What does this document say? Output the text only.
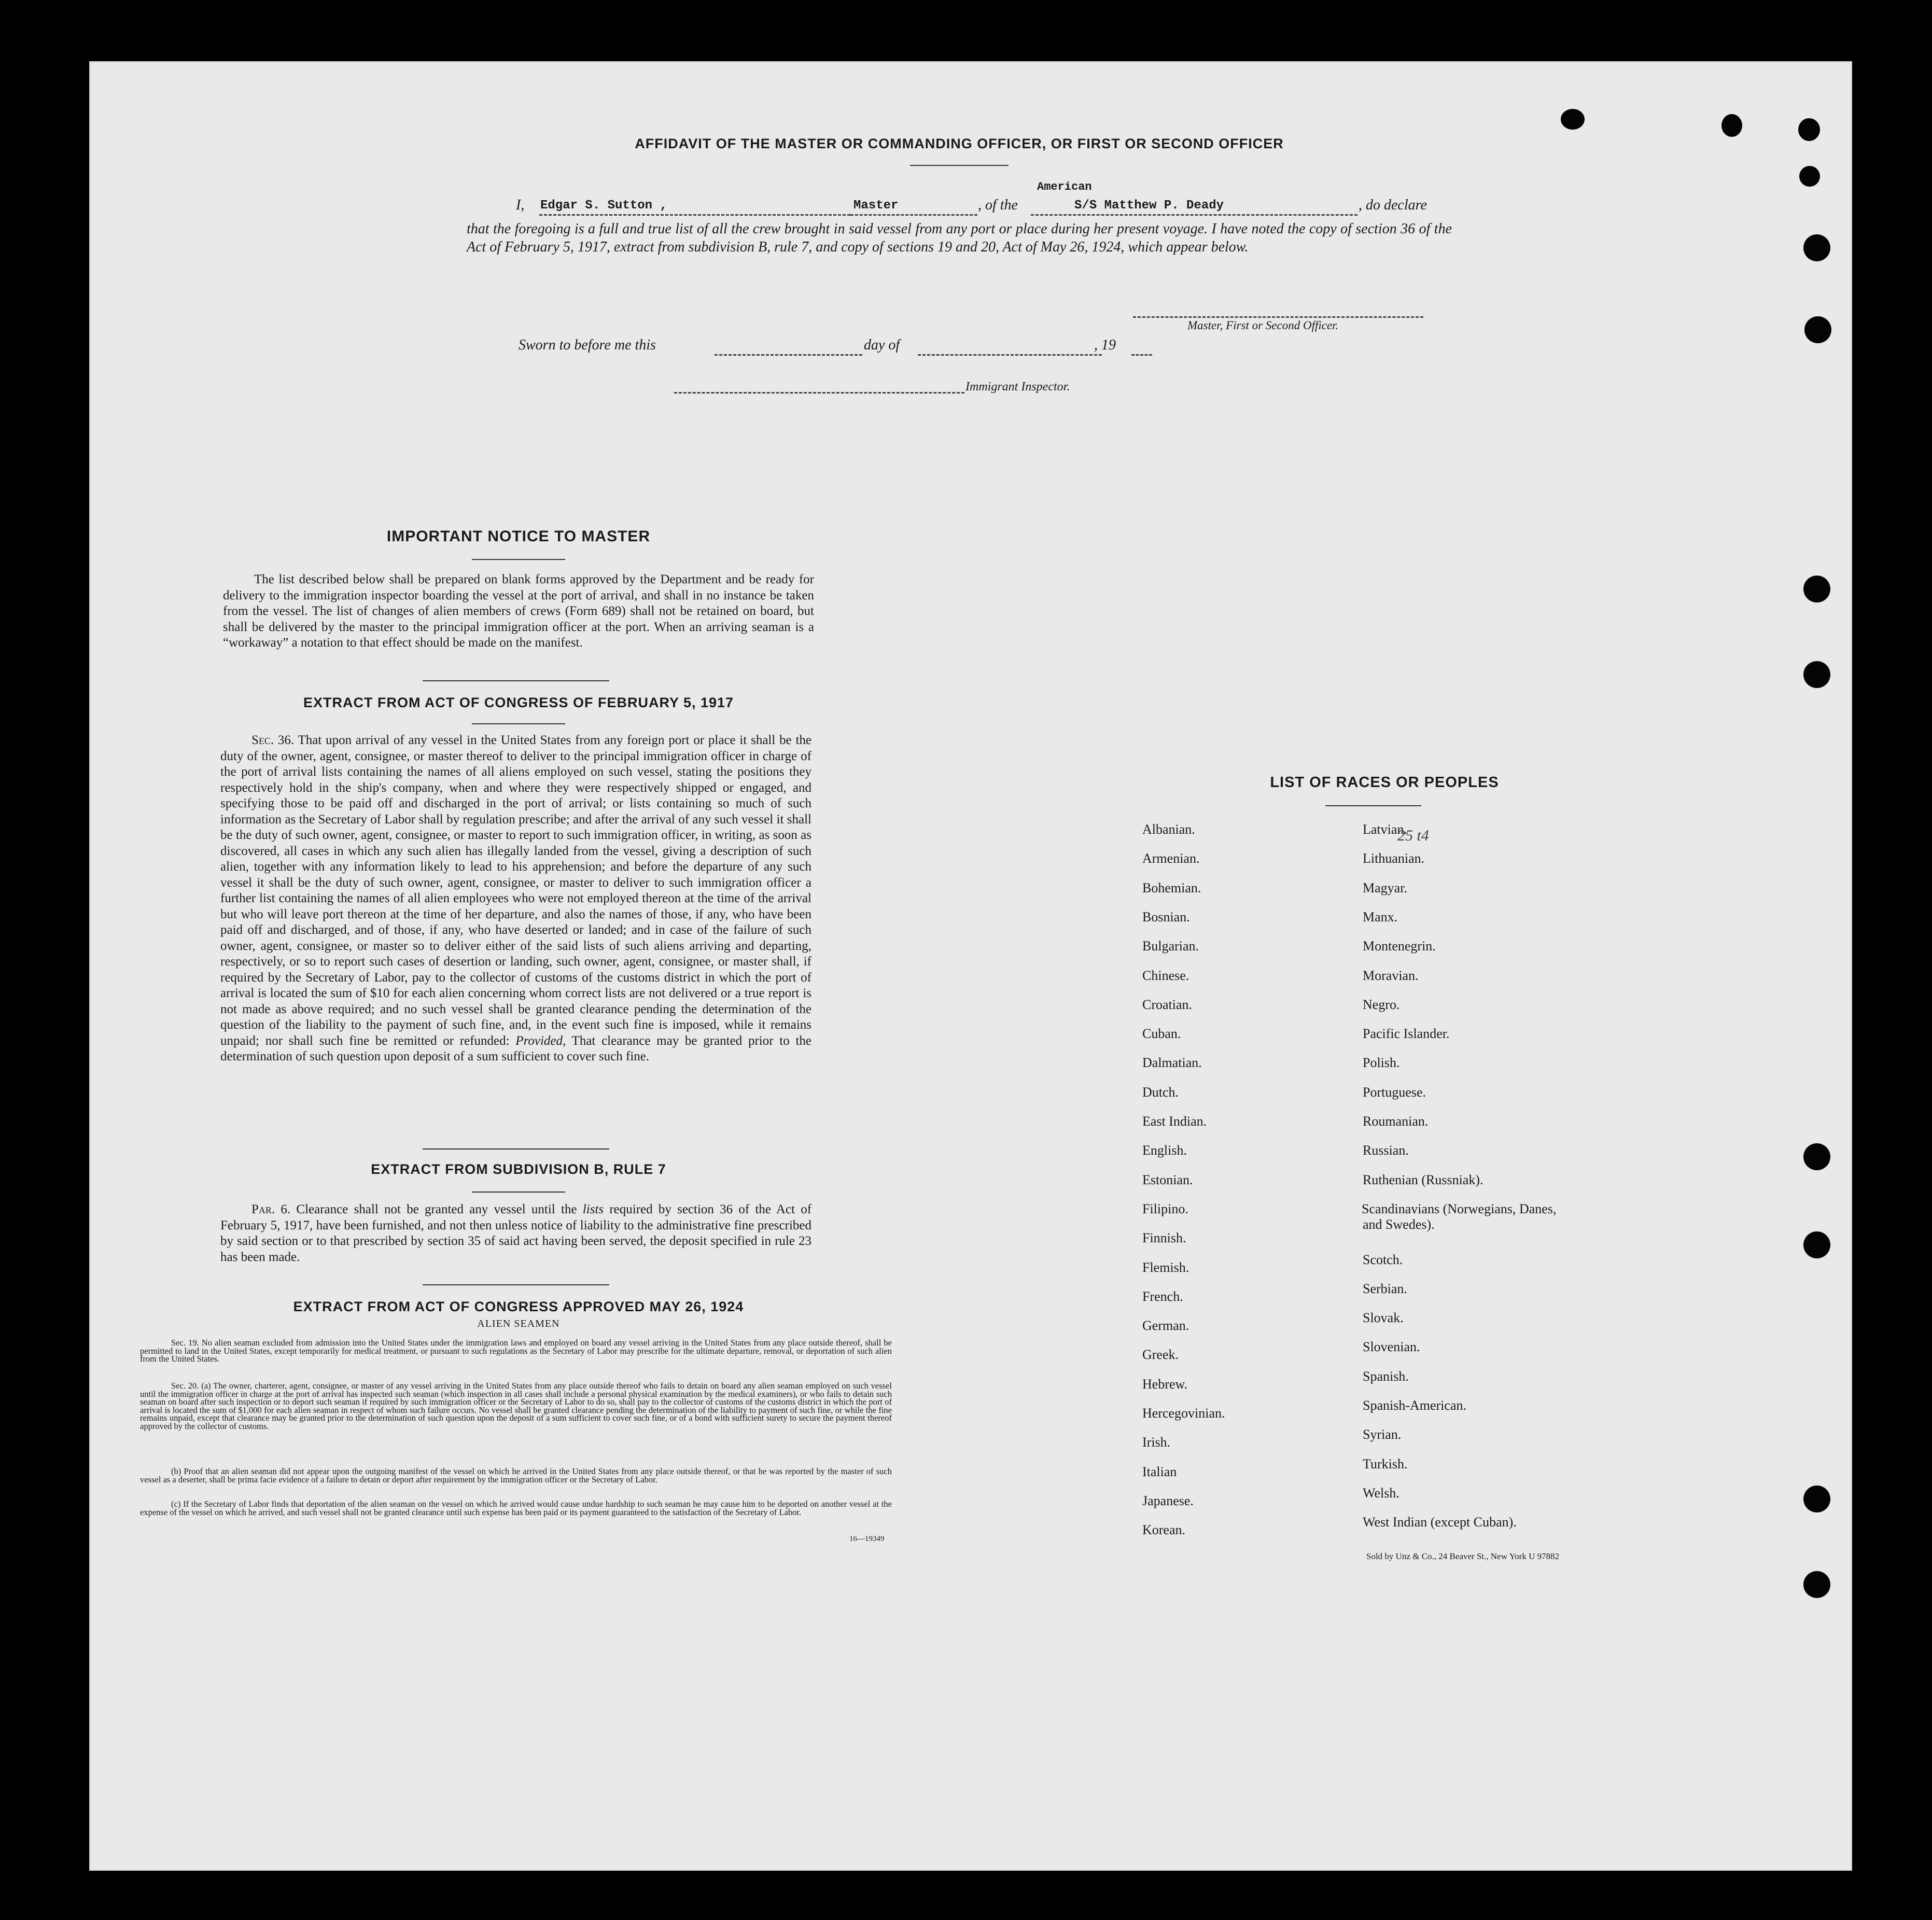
AFFIDAVIT OF THE MASTER OR COMMANDING OFFICER, OR FIRST OR SECOND OFFICER
I,	Edgar S. Sutton ,	Master	, of the
American
S/S Matthew P. Deady	, do declare
that the foregoing is a full and true list of all the crew brought in said vessel from any port or place during her present voyage. I have noted the copy of section 36 of the Act of February 5, 1917, extract from subdivision B, rule 7, and copy of sections 19 and 20, Act of May 26, 1924, which appear below.
Master, First or Second Officer.
Sworn to before me this	day of	, 19
Immigrant Inspector.
IMPORTANT NOTICE TO MASTER
The list described below shall be prepared on blank forms approved by the Department and be ready for delivery to the immigration inspector boarding the vessel at the port of arrival, and shall in no instance be taken from the vessel. The list of changes of alien members of crews (Form 689) shall not be retained on board, but shall be delivered by the master to the principal immigration officer at the port. When an arriving seaman is a “workaway” a notation to that effect should be made on the manifest.
EXTRACT FROM ACT OF CONGRESS OF FEBRUARY 5, 1917
Sec. 36. That upon arrival of any vessel in the United States from any foreign port or place it shall be the duty of the owner, agent, consignee, or master thereof to deliver to the principal immigration officer in charge of the port of arrival lists containing the names of all aliens employed on such vessel, stating the positions they respectively hold in the ship's company, when and where they were respectively shipped or engaged, and specifying those to be paid off and discharged in the port of arrival; or lists containing so much of such information as the Secretary of Labor shall by regulation prescribe; and after the arrival of any such vessel it shall be the duty of such owner, agent, consignee, or master to report to such immigration officer, in writing, as soon as discovered, all cases in which any such alien has illegally landed from the vessel, giving a description of such alien, together with any information likely to lead to his apprehension; and before the departure of any such vessel it shall be the duty of such owner, agent, consignee, or master to deliver to such immigration officer a further list containing the names of all alien employees who were not employed thereon at the time of the arrival but who will leave port thereon at the time of her departure, and also the names of those, if any, who have been paid off and discharged, and of those, if any, who have deserted or landed; and in case of the failure of such owner, agent, consignee, or master so to deliver either of the said lists of such aliens arriving and departing, respectively, or so to report such cases of desertion or landing, such owner, agent, consignee, or master shall, if required by the Secretary of Labor, pay to the collector of customs of the customs district in which the port of arrival is located the sum of $10 for each alien concerning whom correct lists are not delivered or a true report is not made as above required; and no such vessel shall be granted clearance pending the determination of the question of the liability to the payment of such fine, and, in the event such fine is imposed, while it remains unpaid; nor shall such fine be remitted or refunded: Provided, That clearance may be granted prior to the determination of such question upon deposit of a sum sufficient to cover such fine.
EXTRACT FROM SUBDIVISION B, RULE 7
Par. 6. Clearance shall not be granted any vessel until the lists required by section 36 of the Act of February 5, 1917, have been furnished, and not then unless notice of liability to the administrative fine prescribed by said section or to that prescribed by section 35 of said act having been served, the deposit specified in rule 23 has been made.
EXTRACT FROM ACT OF CONGRESS APPROVED MAY 26, 1924
ALIEN SEAMEN
Sec. 19. No alien seaman excluded from admission into the United States under the immigration laws and employed on board any vessel arriving in the United States from any place outside thereof, shall be permitted to land in the United States, except temporarily for medical treatment, or pursuant to such regulations as the Secretary of Labor may prescribe for the ultimate departure, removal, or deportation of such alien from the United States.
Sec. 20. (a) The owner, charterer, agent, consignee, or master of any vessel arriving in the United States from any place outside thereof who fails to detain on board any alien seaman employed on such vessel until the immigration officer in charge at the port of arrival has inspected such seaman (which inspection in all cases shall include a personal physical examination by the medical examiners), or who fails to detain such seaman on board after such inspection or to deport such seaman if required by such immigration officer or the Secretary of Labor to do so, shall pay to the collector of customs of the customs district in which the port of arrival is located the sum of $1,000 for each alien seaman in respect of whom such failure occurs. No vessel shall be granted clearance pending the determination of the liability to payment of such fine, or while the fine remains unpaid, except that clearance may be granted prior to the determination of such question upon the deposit of a sum sufficient to cover such fine, or of a bond with sufficient surety to secure the payment thereof approved by the collector of customs.
(b) Proof that an alien seaman did not appear upon the outgoing manifest of the vessel on which he arrived in the United States from any place outside thereof, or that he was reported by the master of such vessel as a deserter, shall be prima facie evidence of a failure to detain or deport after requirement by the immigration officer or the Secretary of Labor.
(c) If the Secretary of Labor finds that deportation of the alien seaman on the vessel on which he arrived would cause undue hardship to such seaman he may cause him to be deported on another vessel at the expense of the vessel on which he arrived, and such vessel shall not be granted clearance until such expense has been paid or its payment guaranteed to the satisfaction of the Secretary of Labor.
16—19349
LIST OF RACES OR PEOPLES
Albanian.
Armenian.
Bohemian.
Bosnian.
Bulgarian.
Chinese.
Croatian.
Cuban.
Dalmatian.
Dutch.
East Indian.
English.
Estonian.
Filipino.
Finnish.
Flemish.
French.
German.
Greek.
Hebrew.
Hercegovinian.
Irish.
Italian
Japanese.
Korean.
Latvian.
Lithuanian.
Magyar.
Manx.
Montenegrin.
Moravian.
Negro.
Pacific Islander.
Polish.
Portuguese.
Roumanian.
Russian.
Ruthenian (Russniak).
Scandinavians (Norwegians, Danes, and Swedes).
Scotch.
Serbian.
Slovak.
Slovenian.
Spanish.
Spanish-American.
Syrian.
Turkish.
Welsh.
West Indian (except Cuban).
25 t4
Sold by Unz & Co., 24 Beaver St., New York U 97882
